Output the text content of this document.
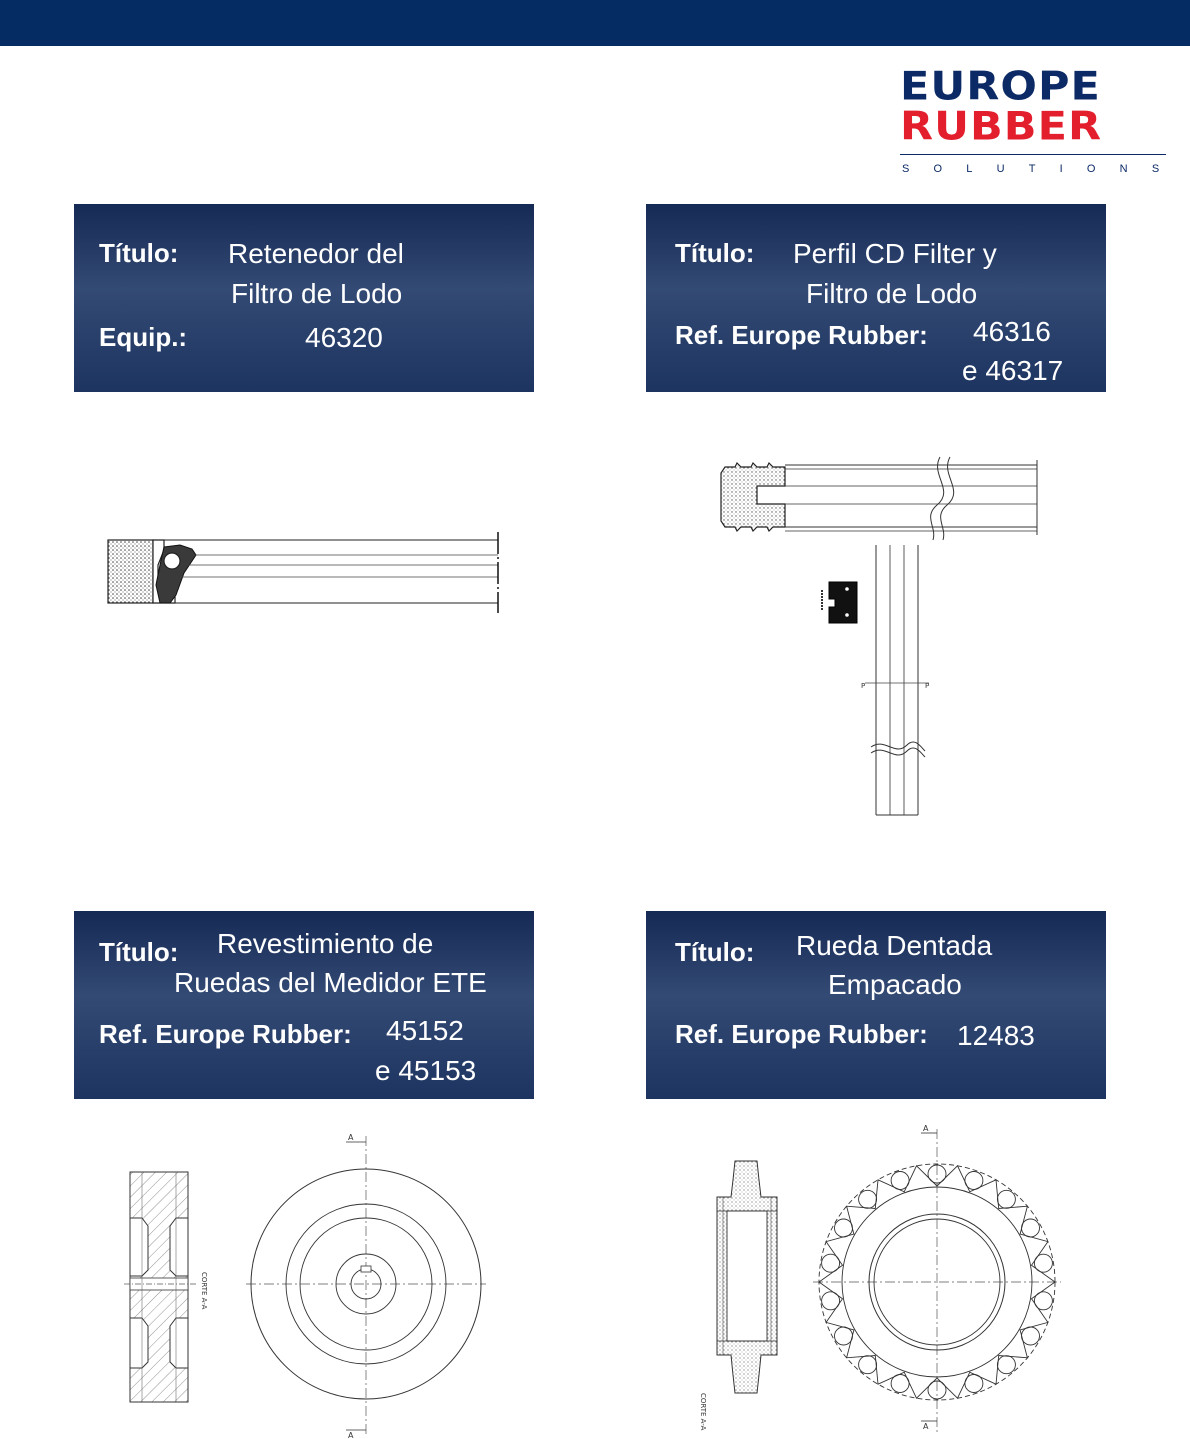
EUROPE
RUBBER
SOLUTIONS
Título: Retenedor del
Filtro de Lodo
Equip.:	46320
Título: Perfil CD Filter y
Filtro de Lodo
Ref. Europe Rubber: 46316
e 46317
Título: Revestimiento de
Ruedas del Medidor ETE
Ref. Europe Rubber: 45152
e 45153
Título: Rueda Dentada
Empacado
Ref. Europe Rubber: 12483
P	P
CORTE A-A
A
A
CORTE A-A
A
A
